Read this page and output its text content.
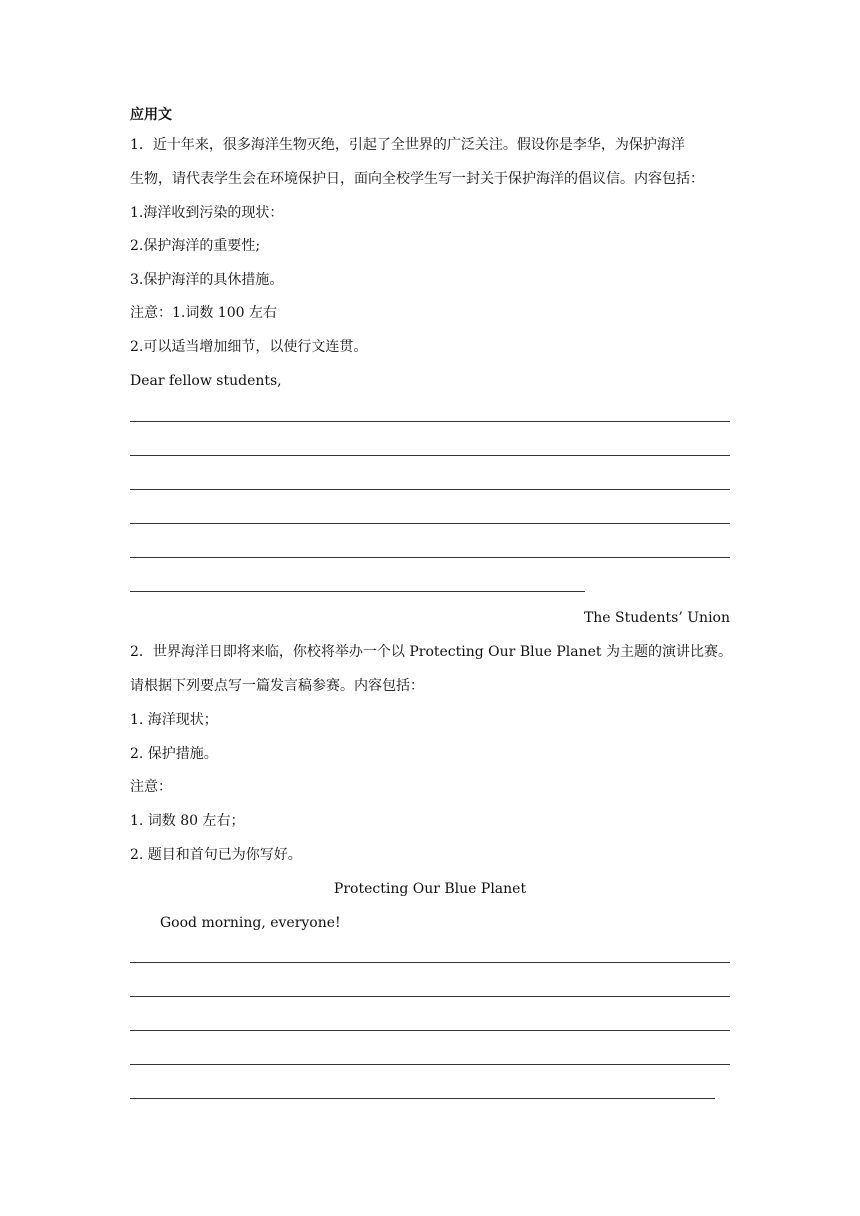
应用文
1．近十年来，很多海洋生物灭绝，引起了全世界的广泛关注。假设你是李华，为保护海洋
生物，请代表学生会在环境保护日，面向全校学生写一封关于保护海洋的倡议信。内容包括：
1.海洋收到污染的现状：
2.保护海洋的重要性;
3.保护海洋的具休措施。
注意：1.词数 100 左右
2.可以适当增加细节，以使行文连贯。
Dear fellow students,
The Students’ Union
2．世界海洋日即将来临，你校将举办一个以 Protecting Our Blue Planet 为主题的演讲比赛。
请根据下列要点写一篇发言稿参赛。内容包括：
1. 海洋现状；
2. 保护措施。
注意：
1. 词数 80 左右；
2. 题目和首句已为你写好。
Protecting Our Blue Planet
Good morning, everyone!
